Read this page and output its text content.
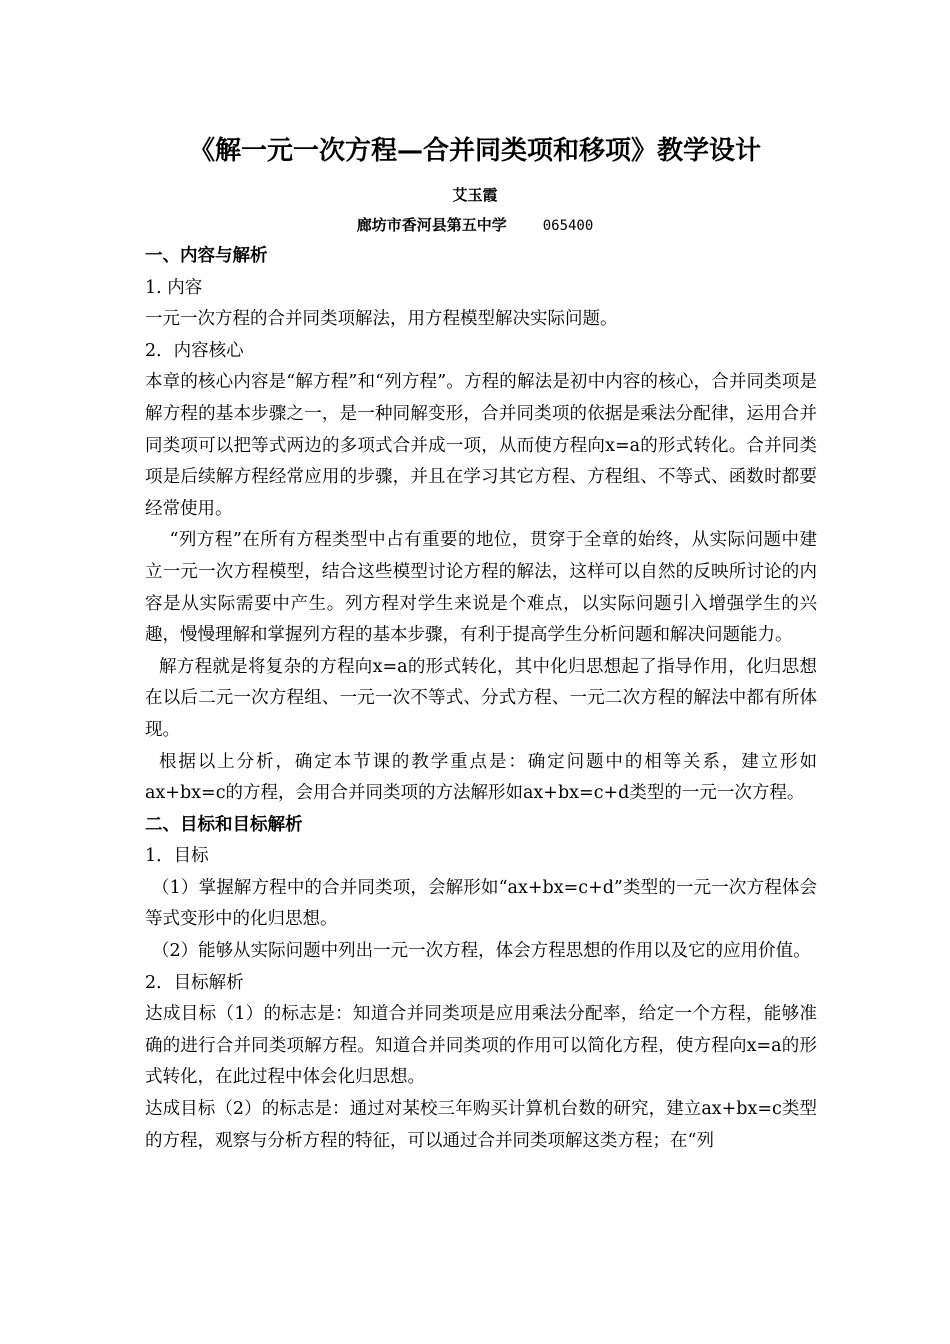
《解一元一次方程—合并同类项和移项》教学设计
艾玉霞
廊坊市香河县第五中学	065400

一、内容与解析

1. 内容

一元一次方程的合并同类项解法，用方程模型解决实际问题。

2．内容核心

本章的核心内容是“解方程”和“列方程”。方程的解法是初中内容的核心，合并同类项是解方程的基本步骤之一，是一种同解变形，合并同类项的依据是乘法分配律，运用合并同类项可以把等式两边的多项式合并成一项，从而使方程向x=a的形式转化。合并同类项是后续解方程经常应用的步骤，并且在学习其它方程、方程组、不等式、函数时都要经常使用。

“列方程”在所有方程类型中占有重要的地位，贯穿于全章的始终，从实际问题中建立一元一次方程模型，结合这些模型讨论方程的解法，这样可以自然的反映所讨论的内容是从实际需要中产生。列方程对学生来说是个难点，以实际问题引入增强学生的兴趣，慢慢理解和掌握列方程的基本步骤，有利于提高学生分析问题和解决问题能力。

解方程就是将复杂的方程向x=a的形式转化，其中化归思想起了指导作用，化归思想在以后二元一次方程组、一元一次不等式、分式方程、一元二次方程的解法中都有所体现。

根据以上分析，确定本节课的教学重点是：确定问题中的相等关系，建立形如ax+bx=c的方程，会用合并同类项的方法解形如ax+bx=c+d类型的一元一次方程。

二、目标和目标解析

1．目标

（1）掌握解方程中的合并同类项，会解形如“ax+bx=c+d”类型的一元一次方程体会等式变形中的化归思想。

（2）能够从实际问题中列出一元一次方程，体会方程思想的作用以及它的应用价值。

2．目标解析

达成目标（1）的标志是：知道合并同类项是应用乘法分配率，给定一个方程，能够准确的进行合并同类项解方程。知道合并同类项的作用可以简化方程，使方程向x=a的形式转化，在此过程中体会化归思想。

达成目标（2）的标志是：通过对某校三年购买计算机台数的研究，建立ax+bx=c类型的方程，观察与分析方程的特征，可以通过合并同类项解这类方程；在“列
